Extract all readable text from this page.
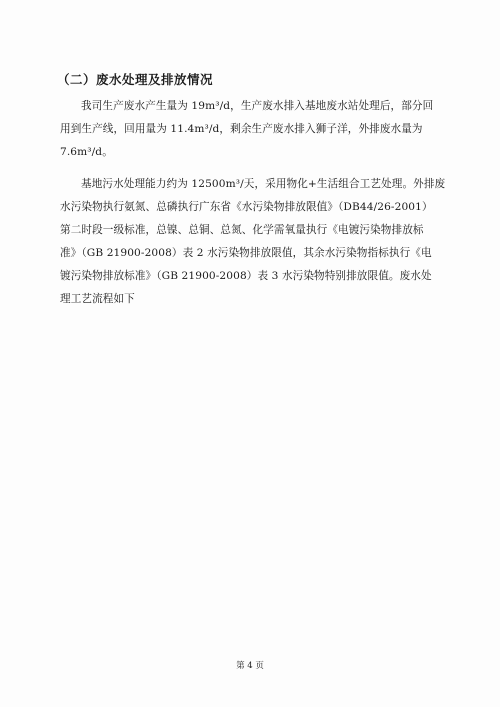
（二）废水处理及排放情况
我司生产废水产生量为 19m³/d，生产废水排入基地废水站处理后，部分回
用到生产线，回用量为 11.4m³/d，剩余生产废水排入狮子洋，外排废水量为
7.6m³/d。
基地污水处理能力约为 12500m³/天，采用物化+生活组合工艺处理。外排废
水污染物执行氨氮、总磷执行广东省《水污染物排放限值》（DB44/26-2001）
第二时段一级标准，总镍、总铜、总氮、化学需氧量执行《电镀污染物排放标
准》（GB 21900-2008）表 2 水污染物排放限值，其余水污染物指标执行《电
镀污染物排放标准》（GB 21900-2008）表 3 水污染物特别排放限值。废水处
理工艺流程如下
第 4 页
